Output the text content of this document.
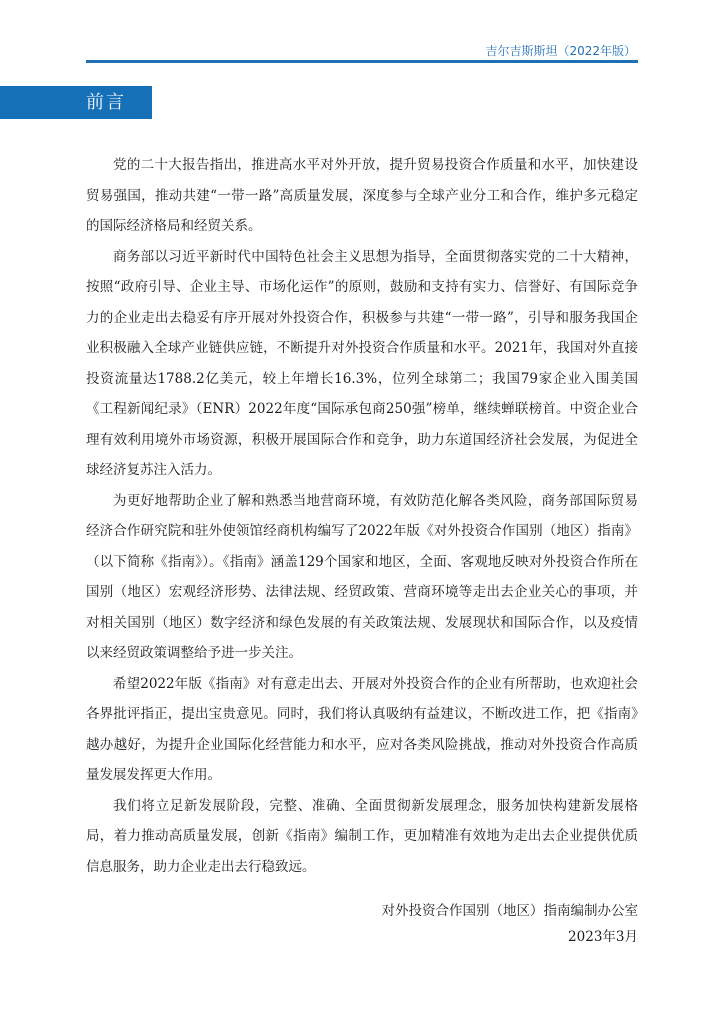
吉尔吉斯斯坦（2022年版）
前言

党的二十大报告指出，推进高水平对外开放，提升贸易投资合作质量和水平，加快建设贸易强国，推动共建“一带一路”高质量发展，深度参与全球产业分工和合作，维护多元稳定的国际经济格局和经贸关系。

商务部以习近平新时代中国特色社会主义思想为指导，全面贯彻落实党的二十大精神，按照“政府引导、企业主导、市场化运作”的原则，鼓励和支持有实力、信誉好、有国际竞争力的企业走出去稳妥有序开展对外投资合作，积极参与共建“一带一路”，引导和服务我国企业积极融入全球产业链供应链，不断提升对外投资合作质量和水平。2021年，我国对外直接投资流量达1788.2亿美元，较上年增长16.3%，位列全球第二；我国79家企业入围美国《工程新闻纪录》（ENR）2022年度“国际承包商250强”榜单，继续蝉联榜首。中资企业合理有效利用境外市场资源，积极开展国际合作和竞争，助力东道国经济社会发展，为促进全球经济复苏注入活力。

为更好地帮助企业了解和熟悉当地营商环境，有效防范化解各类风险，商务部国际贸易经济合作研究院和驻外使领馆经商机构编写了2022年版《对外投资合作国别（地区）指南》（以下简称《指南》）。《指南》涵盖129个国家和地区，全面、客观地反映对外投资合作所在国别（地区）宏观经济形势、法律法规、经贸政策、营商环境等走出去企业关心的事项，并对相关国别（地区）数字经济和绿色发展的有关政策法规、发展现状和国际合作，以及疫情以来经贸政策调整给予进一步关注。

希望2022年版《指南》对有意走出去、开展对外投资合作的企业有所帮助，也欢迎社会各界批评指正，提出宝贵意见。同时，我们将认真吸纳有益建议，不断改进工作，把《指南》越办越好，为提升企业国际化经营能力和水平，应对各类风险挑战，推动对外投资合作高质量发展发挥更大作用。

我们将立足新发展阶段，完整、准确、全面贯彻新发展理念，服务加快构建新发展格局，着力推动高质量发展，创新《指南》编制工作，更加精准有效地为走出去企业提供优质信息服务，助力企业走出去行稳致远。

对外投资合作国别（地区）指南编制办公室
2023年3月
